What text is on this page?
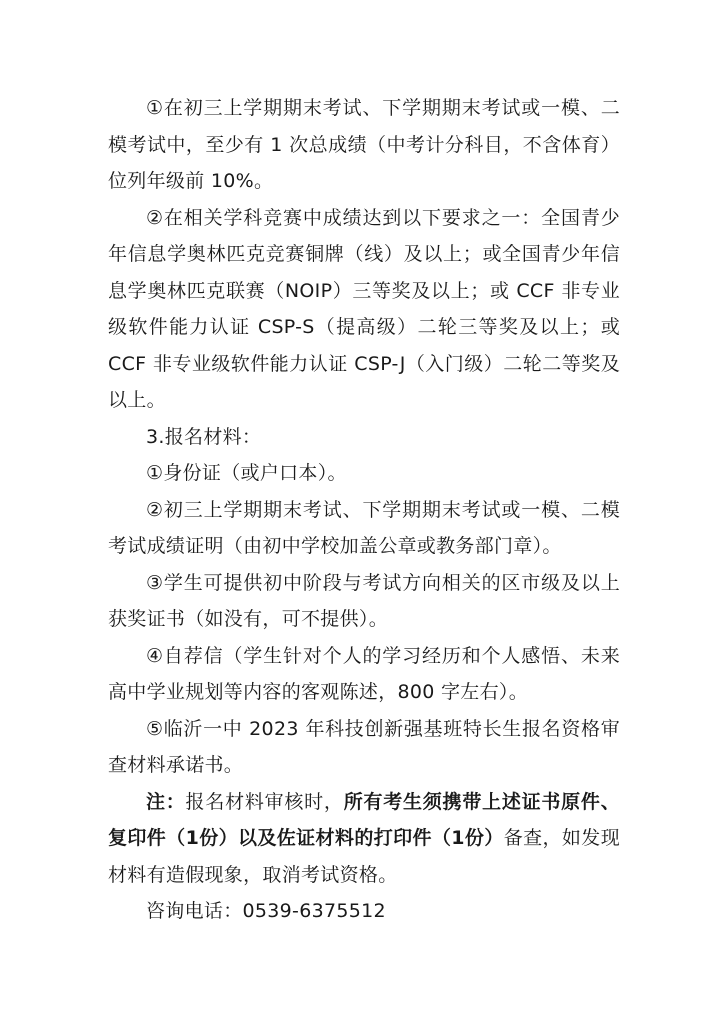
①在初三上学期期末考试、下学期期末考试或一模、二模考试中，至少有 1 次总成绩（中考计分科目，不含体育）位列年级前 10%。

②在相关学科竞赛中成绩达到以下要求之一：全国青少年信息学奥林匹克竞赛铜牌（线）及以上；或全国青少年信息学奥林匹克联赛（NOIP）三等奖及以上；或 CCF 非专业级软件能力认证 CSP-S（提高级）二轮三等奖及以上；或 CCF 非专业级软件能力认证 CSP-J（入门级）二轮二等奖及以上。

3.报名材料：

①身份证（或户口本）。

②初三上学期期末考试、下学期期末考试或一模、二模考试成绩证明（由初中学校加盖公章或教务部门章）。

③学生可提供初中阶段与考试方向相关的区市级及以上获奖证书（如没有，可不提供）。

④自荐信（学生针对个人的学习经历和个人感悟、未来高中学业规划等内容的客观陈述，800 字左右）。

⑤临沂一中 2023 年科技创新强基班特长生报名资格审查材料承诺书。

注：报名材料审核时，所有考生须携带上述证书原件、复印件（1份）以及佐证材料的打印件（1份）备查，如发现材料有造假现象，取消考试资格。

咨询电话：0539-6375512
